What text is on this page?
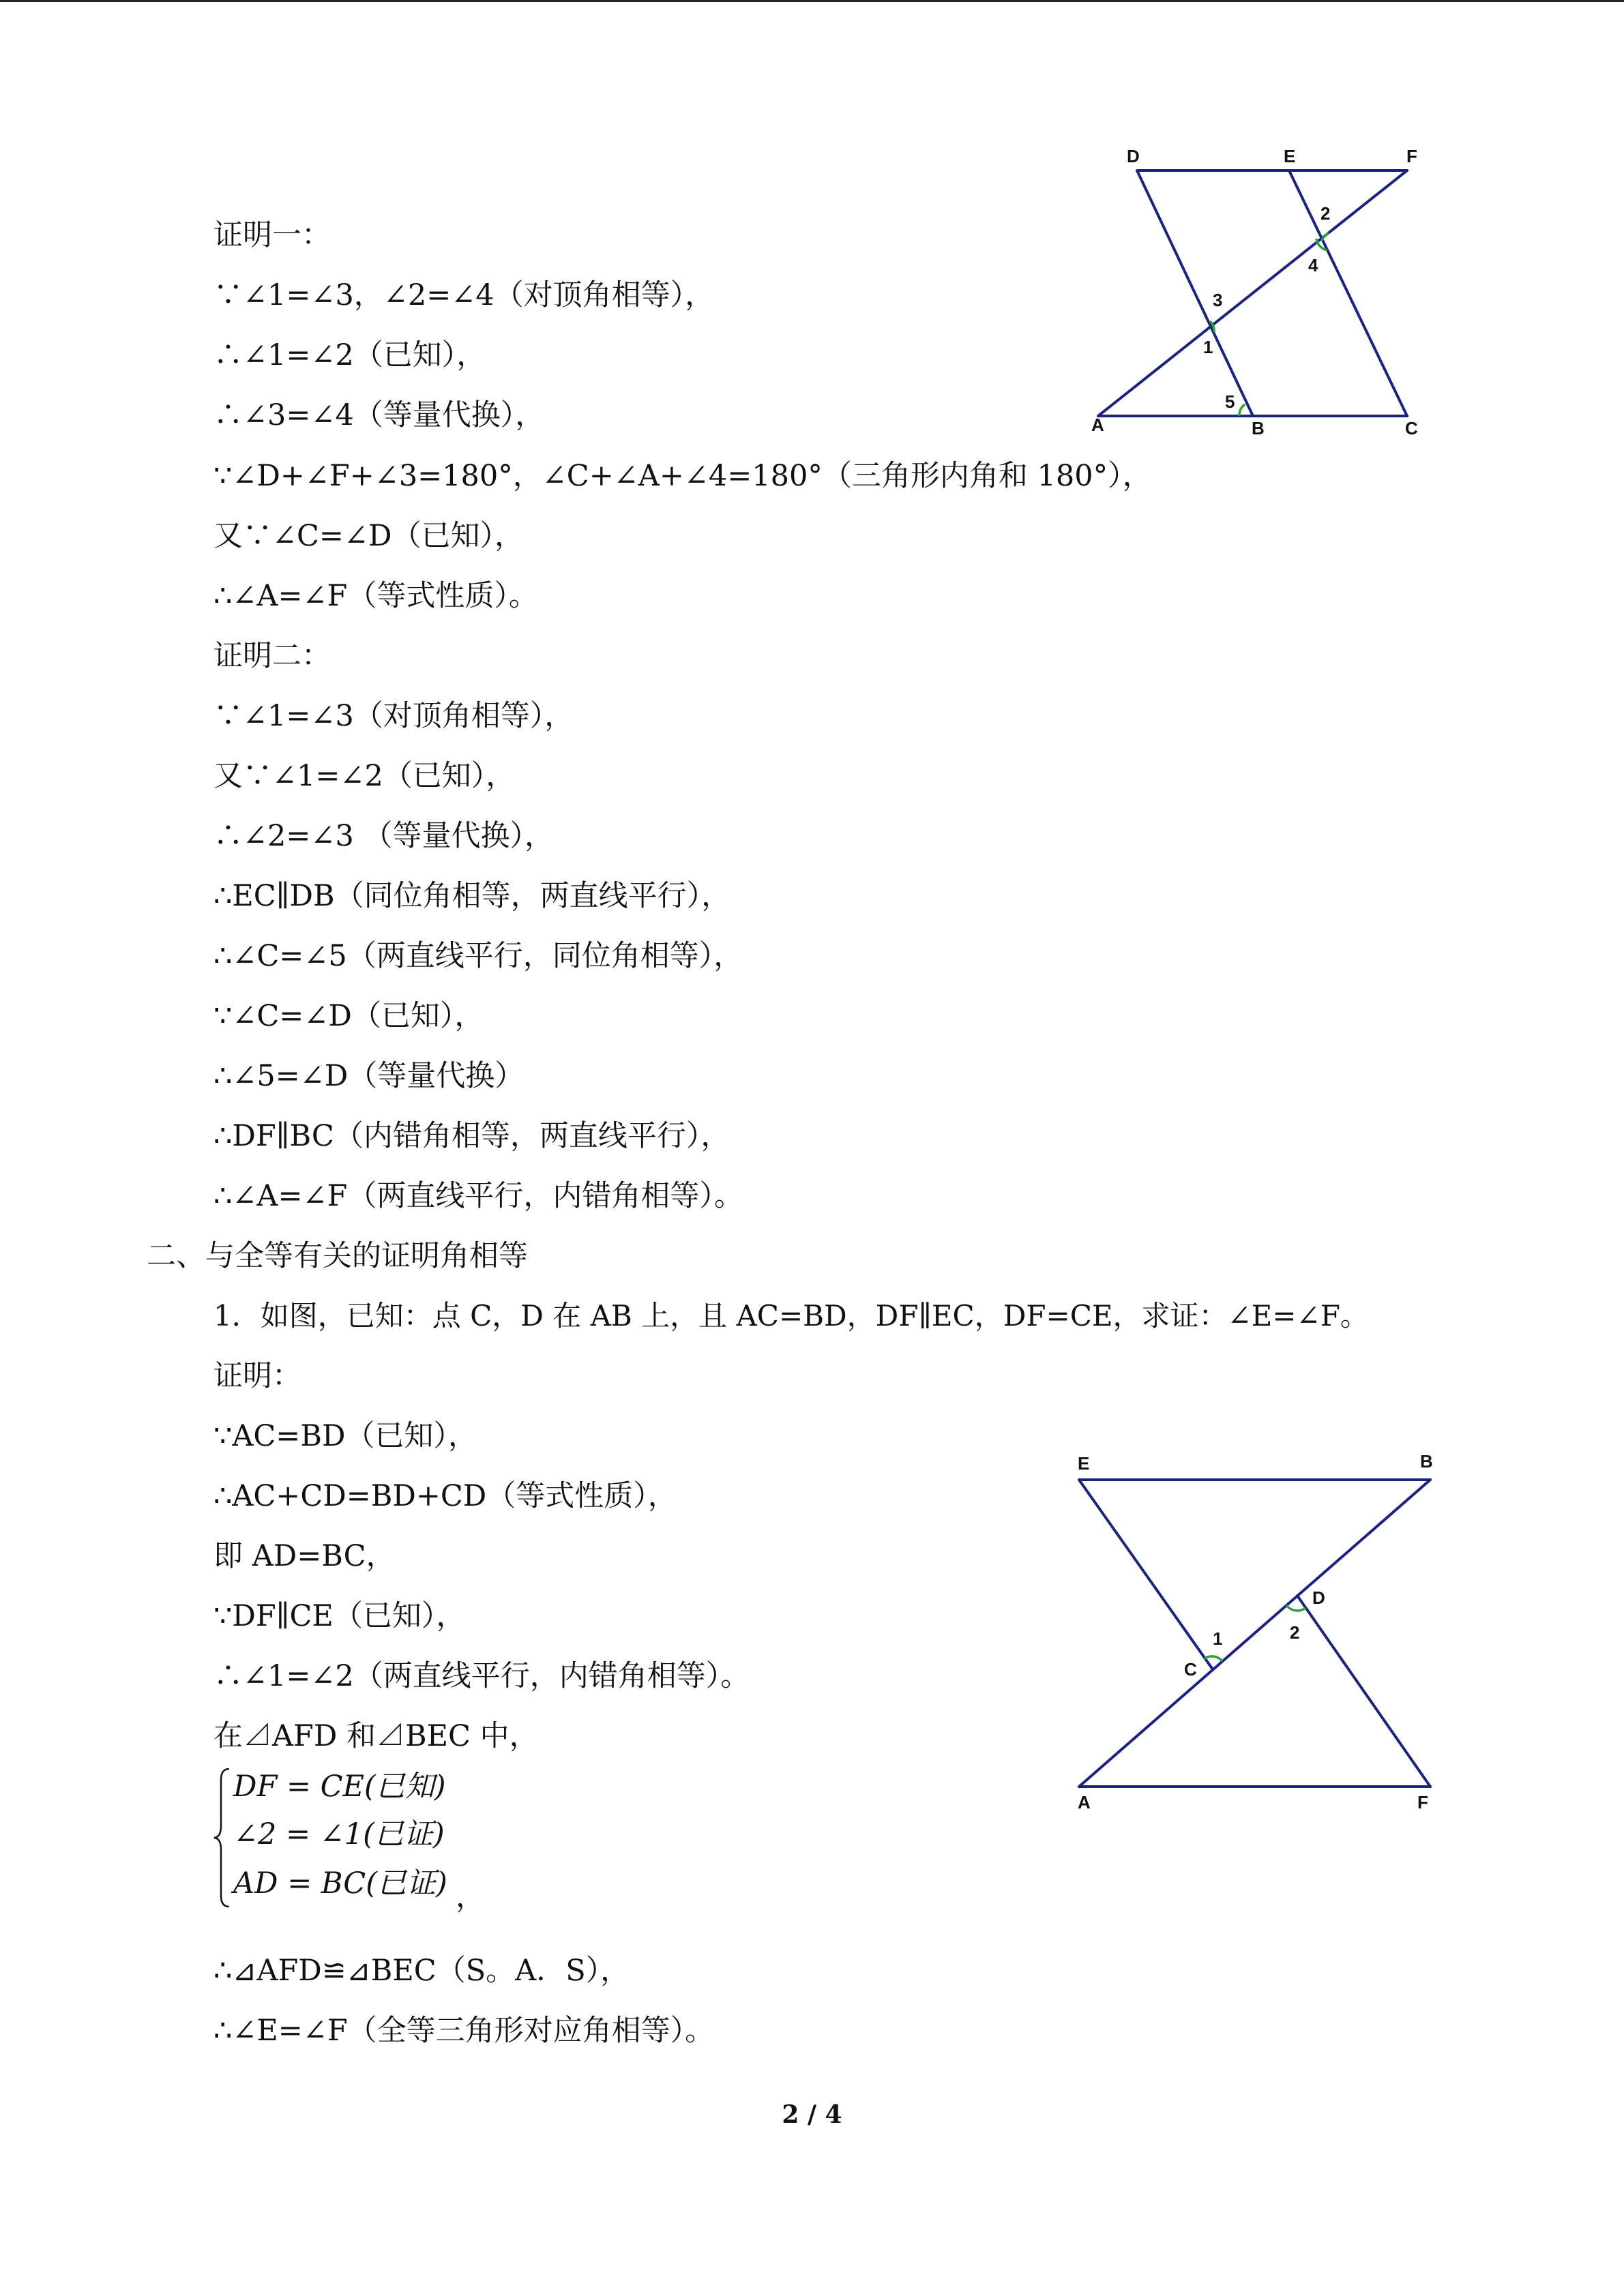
D	E	F
A	B	C
2
4
3
1
5
证明一：
∵∠1=∠3，∠2=∠4（对顶角相等），
∴∠1=∠2（已知），
∴∠3=∠4（等量代换），
∵∠D+∠F+∠3=180°，∠C+∠A+∠4=180°（三角形内角和 180°），
又∵∠C=∠D（已知），
∴∠A=∠F（等式性质）。
证明二：
∵∠1=∠3（对顶角相等），
又∵∠1=∠2（已知），
∴∠2=∠3 （等量代换），
∴EC∥DB（同位角相等，两直线平行），
∴∠C=∠5（两直线平行，同位角相等），
∵∠C=∠D（已知），
∴∠5=∠D（等量代换）
∴DF∥BC（内错角相等，两直线平行），
∴∠A=∠F（两直线平行，内错角相等）。
二、与全等有关的证明角相等
1．如图，已知：点 C，D 在 AB 上，且 AC=BD，DF∥EC，DF=CE，求证：∠E=∠F。
证明：
∵AC=BD（已知），
∴AC+CD=BD+CD（等式性质），
即 AD=BC，
∵DF∥CE（已知），
∴∠1=∠2（两直线平行，内错角相等）。
在⊿AFD 和⊿BEC 中，
DF = CE(已知)
∠2 = ∠1(已证)
AD = BC(已证) ，
∴⊿AFD≌⊿BEC（S。A．S），
∴∠E=∠F（全等三角形对应角相等）。
E	B
A	F
C
D
1	2
2 / 4
